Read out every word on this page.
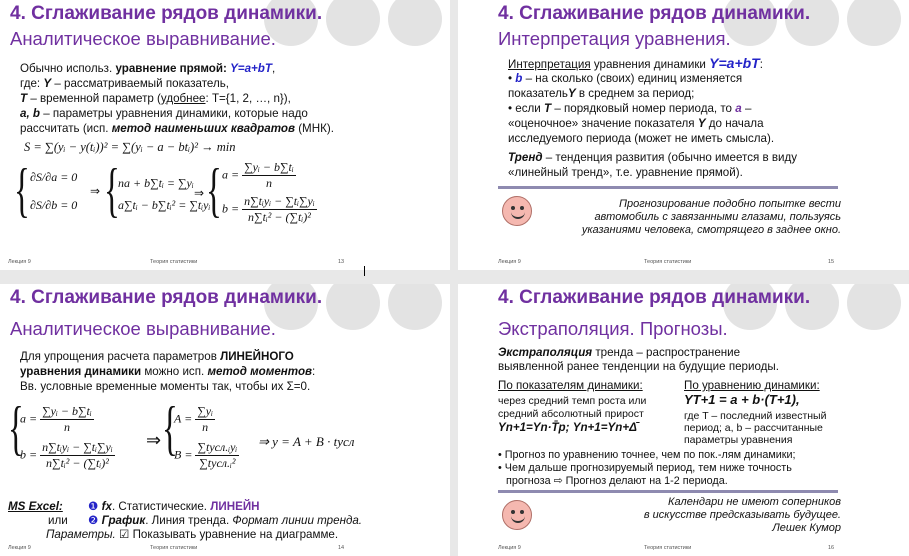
4. Сглаживание рядов динамики.
Аналитическое выравнивание.
Обычно использ. уравнение прямой: Y=a+bT,
где: Y – рассматриваемый показатель,
T – временной параметр (удобнее: T={1, 2, …, n}),
a, b – параметры уравнения динамики, которые надо
рассчитать (исп. метод наименьших квадратов (МНК).
S = ∑(yᵢ − y(tᵢ))² = ∑(yᵢ − a − btᵢ)² → min
{ ∂S/∂a = 0
∂S/∂b = 0
⇒ {
na + b∑tᵢ = ∑yᵢ
a∑tᵢ − b∑tᵢ² = ∑tᵢyᵢ
⇒ { $a = \frac{\text{∑yᵢ − b∑tᵢ}}{n}$
$b = \frac{\text{n∑tᵢyᵢ − ∑tᵢ∑yᵢ}}{\text{n∑tᵢ² − (∑tᵢ)²}}$
Лекция 9	Теория статистики	13
4. Сглаживание рядов динамики.
Интерпретация уравнения.
Интерпретация уравнения динамики Y=a+bT:
• b – на сколько (своих) единиц изменяется
показательY в среднем за период;
• если T – порядковый номер периода, то a –
«оценочное» значение показателя Y до начала
исследуемого периода (может не иметь смысла).
Тренд – тенденция развития (обычно имеется в виду
«линейный тренд», т.е. уравнение прямой).
Прогнозирование подобно попытке вести
автомобиль с завязанными глазами, пользуясь
указаниями человека, смотрящего в заднее окно.
Лекция 9	Теория статистики	15
4. Сглаживание рядов динамики.
Аналитическое выравнивание.
Для упрощения расчета параметров ЛИНЕЙНОГО
уравнения динамики можно исп. метод моментов:
Вв. условные временные моменты так, чтобы их Σ=0.
{
$a = \frac{\text{∑yᵢ − b∑tᵢ}}{n}$
$b = \frac{\text{n∑tᵢyᵢ − ∑tᵢ∑yᵢ}}{\text{n∑tᵢ² − (∑tᵢ)²}}$ ⇒ {
$A = \frac{\text{∑yᵢ}}{n}$
$B = \frac{\text{∑tусл.ᵢyᵢ}}{\text{∑tусл.ᵢ²}}$ ⇒ y = A + B · tусл
MS Excel: ❶ fx. Статистические. ЛИНЕЙН
или ❷ График. Линия тренда. Формат линии тренда.
Параметры. ☑ Показывать уравнение на диаграмме.
Лекция 9	Теория статистики	14
4. Сглаживание рядов динамики.
Экстраполяция. Прогнозы.
Экстраполяция тренда – распространение
выявленной ранее тенденции на будущие периоды.
По показателям динамики:
через средний темп роста или
средний абсолютный прирост
Yn+1=Yn·T̄р; Yn+1=Yn+Δ̄
По уравнению динамики:
YT+1 = a + b·(T+1),
где T – последний известный
период; a, b – рассчитанные
параметры уравнения
• Прогноз по уравнению точнее, чем по пок.-лям динамики;
• Чем дальше прогнозируемый период, тем ниже точность
прогноза ⇨ Прогноз делают на 1-2 периода.
Календари не имеют соперников
в искусстве предсказывать будущее.
Лешек Кумор
Лекция 9	Теория статистики	16
